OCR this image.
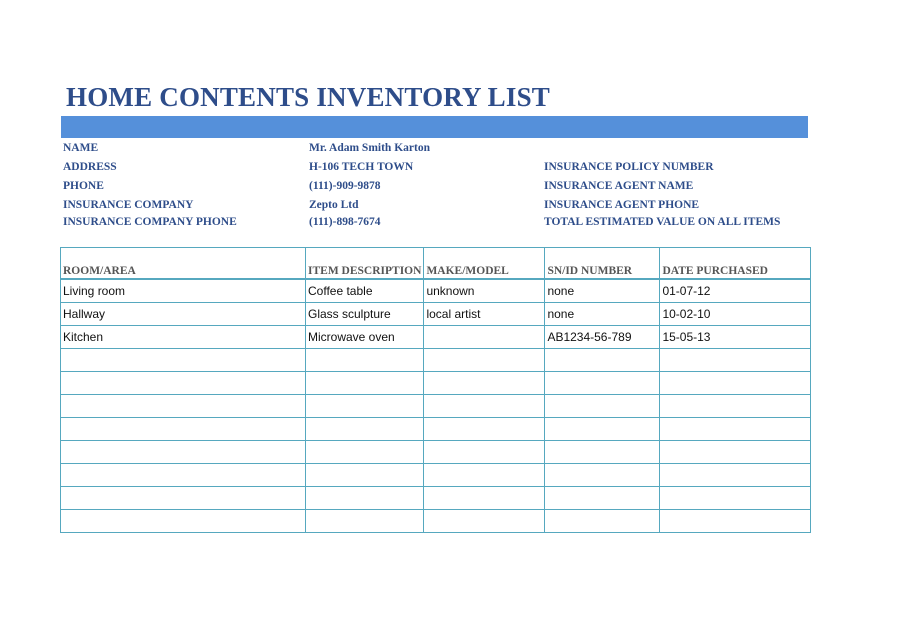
HOME CONTENTS INVENTORY LIST
NAME	Mr. Adam Smith Karton
ADDRESS	H-106 TECH TOWN	INSURANCE POLICY NUMBER
PHONE	(111)-909-9878	INSURANCE AGENT NAME
INSURANCE COMPANY	Zepto Ltd	INSURANCE AGENT PHONE
INSURANCE COMPANY PHONE	(111)-898-7674	TOTAL ESTIMATED VALUE ON ALL ITEMS
ROOM/AREA	ITEM DESCRIPTION	MAKE/MODEL	SN/ID NUMBER	DATE PURCHASED
Living room	Coffee table	unknown	none	01-07-12
Hallway	Glass sculpture	local artist	none	10-02-10
Kitchen	Microwave oven		AB1234-56-789	15-05-13
